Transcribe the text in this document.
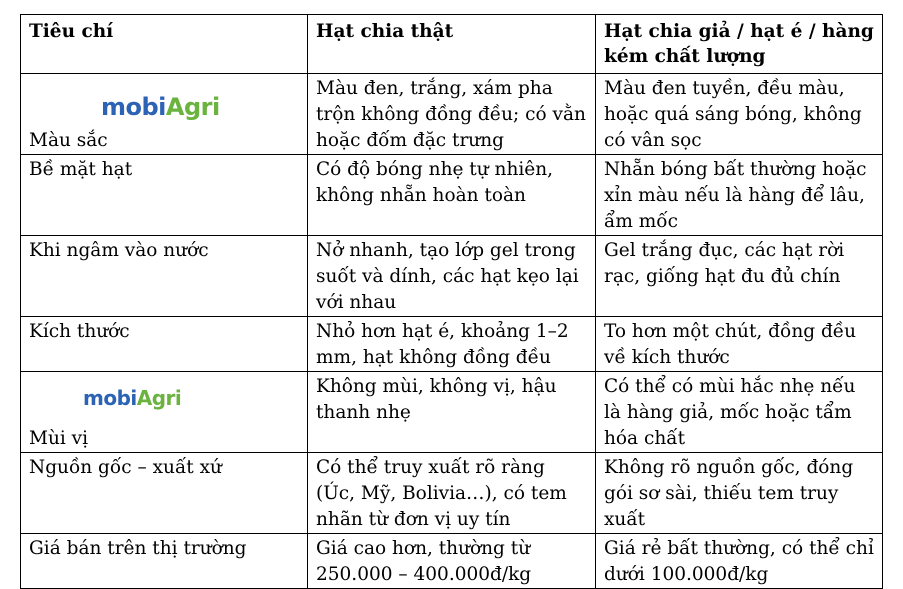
Tiêu chí	Hạt chia thật	Hạt chia giả / hạt é / hàng kém chất lượng

mobiAgri
Màu sắc	Màu đen, trắng, xám pha trộn không đồng đều; có vằn hoặc đốm đặc trưng	Màu đen tuyền, đều màu, hoặc quá sáng bóng, không có vân sọc
Bề mặt hạt	Có độ bóng nhẹ tự nhiên, không nhẵn hoàn toàn	Nhẵn bóng bất thường hoặc xỉn màu nếu là hàng để lâu, ẩm mốc
Khi ngâm vào nước	Nở nhanh, tạo lớp gel trong suốt và dính, các hạt kẹo lại với nhau	Gel trắng đục, các hạt rời rạc, giống hạt đu đủ chín
Kích thước	Nhỏ hơn hạt é, khoảng 1–2 mm, hạt không đồng đều	To hơn một chút, đồng đều về kích thước

mobiAgri
Mùi vị	Không mùi, không vị, hậu thanh nhẹ	Có thể có mùi hắc nhẹ nếu là hàng giả, mốc hoặc tẩm hóa chất
Nguồn gốc – xuất xứ	Có thể truy xuất rõ ràng (Úc, Mỹ, Bolivia…), có tem nhãn từ đơn vị uy tín	Không rõ nguồn gốc, đóng gói sơ sài, thiếu tem truy xuất
Giá bán trên thị trường	Giá cao hơn, thường từ 250.000 – 400.000đ/kg	Giá rẻ bất thường, có thể chỉ dưới 100.000đ/kg
